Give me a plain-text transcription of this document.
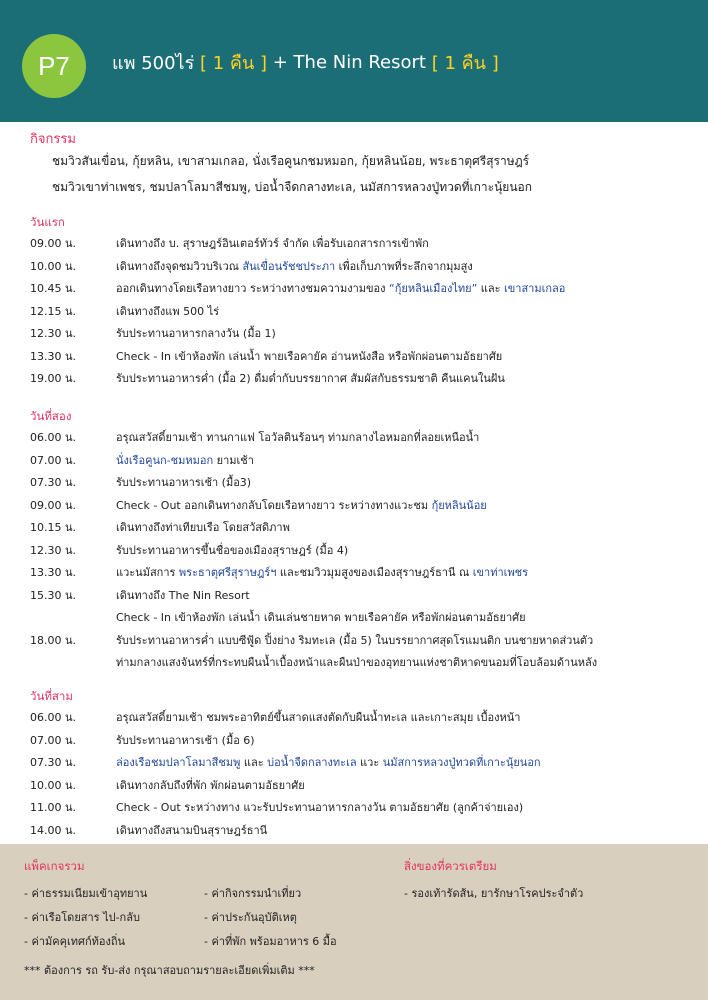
P7	แพ 500ไร่
[ 1 คืน ]
+ The Nin Resort
[ 1 คืน ]
กิจกรรม
ชมวิวสันเขื่อน, กุ้ยหลิน, เขาสามเกลอ, นั่งเรือคูนกชมหมอก, กุ้ยหลินน้อย, พระธาตุศรีสุราษฎร์
ชมวิวเขาท่าเพชร, ชมปลาโลมาสีชมพู, บ่อน้ำจืดกลางทะเล, นมัสการหลวงปู่ทวดที่เกาะนุ้ยนอก
วันแรก
09.00 น.	เดินทางถึง บ. สุราษฎร์อินเตอร์ทัวร์ จำกัด เพื่อรับเอกสารการเข้าพัก
10.00 น.	เดินทางถึงจุดชมวิวบริเวณ สันเขื่อนรัชชประภา เพื่อเก็บภาพที่ระลึกจากมุมสูง
10.45 น.	ออกเดินทางโดยเรือหางยาว ระหว่างทางชมความงามของ “กุ้ยหลินเมืองไทย” และ เขาสามเกลอ
12.15 น.	เดินทางถึงแพ 500 ไร่
12.30 น.	รับประทานอาหารกลางวัน (มื้อ 1)
13.30 น.	Check - In เข้าห้องพัก เล่นน้ำ พายเรือคายัค อ่านหนังสือ หรือพักผ่อนตามอัธยาศัย
19.00 น.	รับประทานอาหารค่ำ (มื้อ 2) ดื่มด่ำกับบรรยากาศ สัมผัสกับธรรมชาติ คืนแคนในฝัน
วันที่สอง
06.00 น.	อรุณสวัสดิ์ยามเช้า ทานกาแฟ โอวัลตินร้อนๆ ท่ามกลางไอหมอกที่ลอยเหนือน้ำ
07.00 น.	นั่งเรือคูนก-ชมหมอก ยามเช้า
07.30 น.	รับประทานอาหารเช้า (มื้อ3)
09.00 น.	Check - Out ออกเดินทางกลับโดยเรือหางยาว ระหว่างทางแวะชม กุ้ยหลินน้อย
10.15 น.	เดินทางถึงท่าเทียบเรือ โดยสวัสดิภาพ
12.30 น.	รับประทานอาหารขึ้นชื่อของเมืองสุราษฎร์ (มื้อ 4)
13.30 น.	แวะนมัสการ พระธาตุศรีสุราษฎร์ฯ และชมวิวมุมสูงของเมืองสุราษฎร์ธานี ณ เขาท่าเพชร
15.30 น.	เดินทางถึง The Nin Resort
Check - In เข้าห้องพัก เล่นน้ำ เดินเล่นชายหาด พายเรือคายัค หรือพักผ่อนตามอัธยาศัย
18.00 น.	รับประทานอาหารค่ำ แบบซีฟู้ด ปิ้งย่าง ริมทะเล (มื้อ 5) ในบรรยากาศสุดโรแมนติก บนชายหาดส่วนตัว
ท่ามกลางแสงจันทร์ที่กระทบผืนน้ำเบื้องหน้าและผืนป่าของอุทยานแห่งชาติหาดขนอมที่โอบล้อมด้านหลัง
วันที่สาม
06.00 น.	อรุณสวัสดิ์ยามเช้า ชมพระอาทิตย์ขึ้นสาดแสงตัดกับผืนน้ำทะเล และเกาะสมุย เบื้องหน้า
07.00 น.	รับประทานอาหารเช้า (มื้อ 6)
07.30 น.	ล่องเรือชมปลาโลมาสีชมพู และ บ่อน้ำจืดกลางทะเล แวะ นมัสการหลวงปู่ทวดที่เกาะนุ้ยนอก
10.00 น.	เดินทางกลับถึงที่พัก พักผ่อนตามอัธยาศัย
11.00 น.	Check - Out ระหว่างทาง แวะรับประทานอาหารกลางวัน ตามอัธยาศัย (ลูกค้าจ่ายเอง)
14.00 น.	เดินทางถึงสนามบินสุราษฎร์ธานี
แพ็คเกจรวม
- ค่าธรรมเนียมเข้าอุทยาน
- ค่าเรือโดยสาร ไป-กลับ
- ค่ามัคคุเทศก์ท้องถิ่น
- ค่ากิจกรรมนำเที่ยว
- ค่าประกันอุบัติเหตุ
- ค่าที่พัก พร้อมอาหาร 6 มื้อ
สิ่งของที่ควรเตรียม
- รองเท้ารัดส้น, ยารักษาโรคประจำตัว
*** ต้องการ รถ รับ-ส่ง กรุณาสอบถามรายละเอียดเพิ่มเติม ***
